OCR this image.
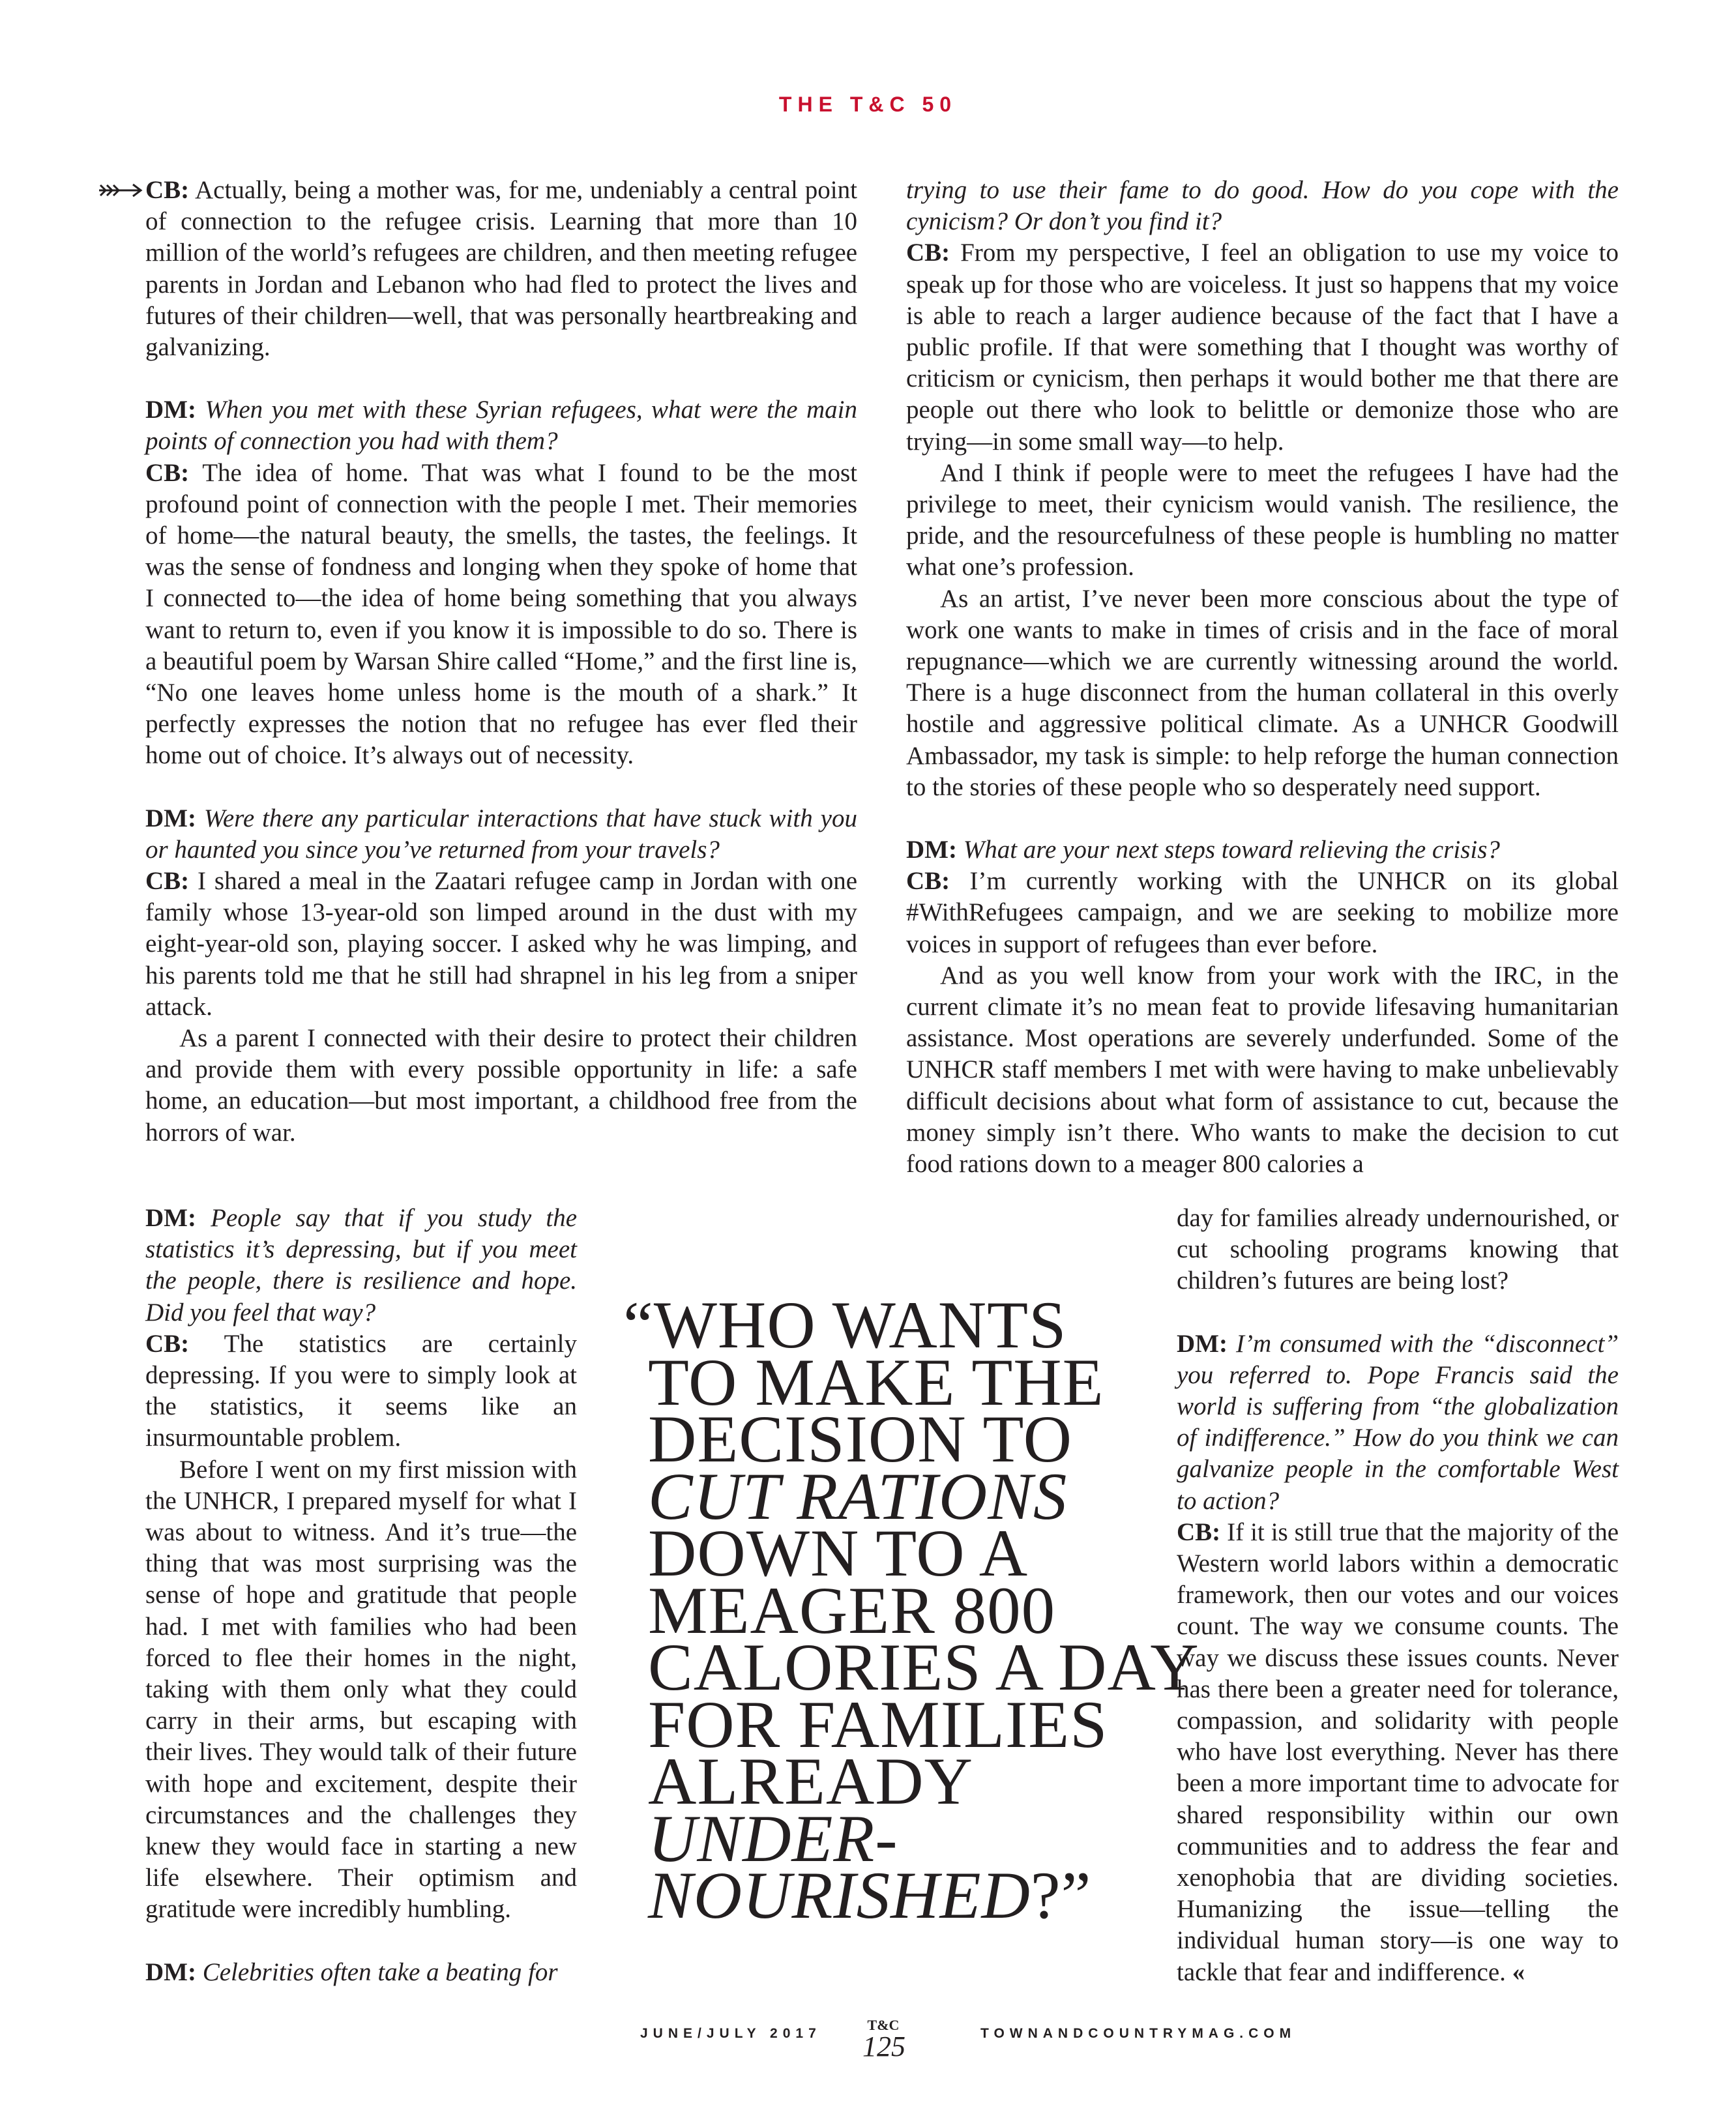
THE T&C 50

CB: Actually, being a mother was, for me, undeniably a central point of connection to the refugee crisis. Learning that more than 10 million of the world’s refugees are children, and then meeting refugee parents in Jordan and Lebanon who had fled to protect the lives and futures of their children—well, that was personally heartbreaking and galvanizing.

DM: When you met with these Syrian refugees, what were the main points of connection you had with them?

CB: The idea of home. That was what I found to be the most profound point of connection with the people I met. Their memories of home—the natural beauty, the smells, the tastes, the feelings. It was the sense of fondness and longing when they spoke of home that I connected to—the idea of home being something that you always want to return to, even if you know it is impossible to do so. There is a beautiful poem by Warsan Shire called “Home,” and the first line is, “No one leaves home unless home is the mouth of a shark.” It perfectly expresses the notion that no refugee has ever fled their home out of choice. It’s always out of necessity.

DM: Were there any particular interactions that have stuck with you or haunted you since you’ve returned from your travels?

CB: I shared a meal in the Zaatari refugee camp in Jordan with one family whose 13-year-old son limped around in the dust with my eight-year-old son, playing soccer. I asked why he was limping, and his parents told me that he still had shrapnel in his leg from a sniper attack.

As a parent I connected with their desire to protect their children and provide them with every possible opportunity in life: a safe home, an education—but most important, a childhood free from the horrors of war.

trying to use their fame to do good. How do you cope with the cynicism? Or don’t you find it?

CB: From my perspective, I feel an obligation to use my voice to speak up for those who are voiceless. It just so happens that my voice is able to reach a larger audience because of the fact that I have a public profile. If that were something that I thought was worthy of criticism or cynicism, then perhaps it would bother me that there are people out there who look to belittle or demonize those who are trying—in some small way—to help.

And I think if people were to meet the refugees I have had the privilege to meet, their cynicism would vanish. The resilience, the pride, and the resourcefulness of these people is humbling no matter what one’s profession.

As an artist, I’ve never been more conscious about the type of work one wants to make in times of crisis and in the face of moral repugnance—which we are currently witnessing around the world. There is a huge disconnect from the human collateral in this overly hostile and aggressive political climate. As a UNHCR Goodwill Ambassador, my task is simple: to help reforge the human connection to the stories of these people who so desperately need support.

DM: What are your next steps toward relieving the crisis?

CB: I’m currently working with the UNHCR on its global #WithRefugees campaign, and we are seeking to mobilize more voices in support of refugees than ever before.

And as you well know from your work with the IRC, in the current climate it’s no mean feat to provide lifesaving humanitarian assistance. Most operations are severely underfunded. Some of the UNHCR staff members I met with were having to make unbelievably difficult decisions about what form of assistance to cut, because the money simply isn’t there. Who wants to make the decision to cut food rations down to a meager 800 calories a

DM: People say that if you study the statistics it’s depressing, but if you meet the people, there is resilience and hope. Did you feel that way?

CB: The statistics are certainly depressing. If you were to simply look at the statistics, it seems like an insurmountable problem.

Before I went on my first mission with the UNHCR, I prepared myself for what I was about to witness. And it’s true—the thing that was most surprising was the sense of hope and gratitude that people had. I met with families who had been forced to flee their homes in the night, taking with them only what they could carry in their arms, but escaping with their lives. They would talk of their future with hope and excitement, despite their circumstances and the challenges they knew they would face in starting a new life elsewhere. Their optimism and gratitude were incredibly humbling.

DM: Celebrities often take a beating for

day for families already undernourished, or cut schooling programs knowing that children’s futures are being lost?

DM: I’m consumed with the “disconnect” you referred to. Pope Francis said the world is suffering from “the globalization of indifference.” How do you think we can galvanize people in the comfortable West to action?

CB: If it is still true that the majority of the Western world labors within a democratic framework, then our votes and our voices count. The way we consume counts. The way we discuss these issues counts. Never has there been a greater need for tolerance, compassion, and solidarity with people who have lost everything. Never has there been a more important time to advocate for shared responsibility within our own communities and to address the fear and xenophobia that are dividing societies. Humanizing the issue—telling the individual human story—is one way to tackle that fear and indifference. «

“WHO WANTS
TO MAKE THE
DECISION TO
CUT RATIONS
DOWN TO A
MEAGER 800
CALORIES A DAY
FOR FAMILIES
ALREADY
UNDER-
NOURISHED?”
JUNE/JULY 2017
T&C
125	TOWNANDCOUNTRYMAG.COM
